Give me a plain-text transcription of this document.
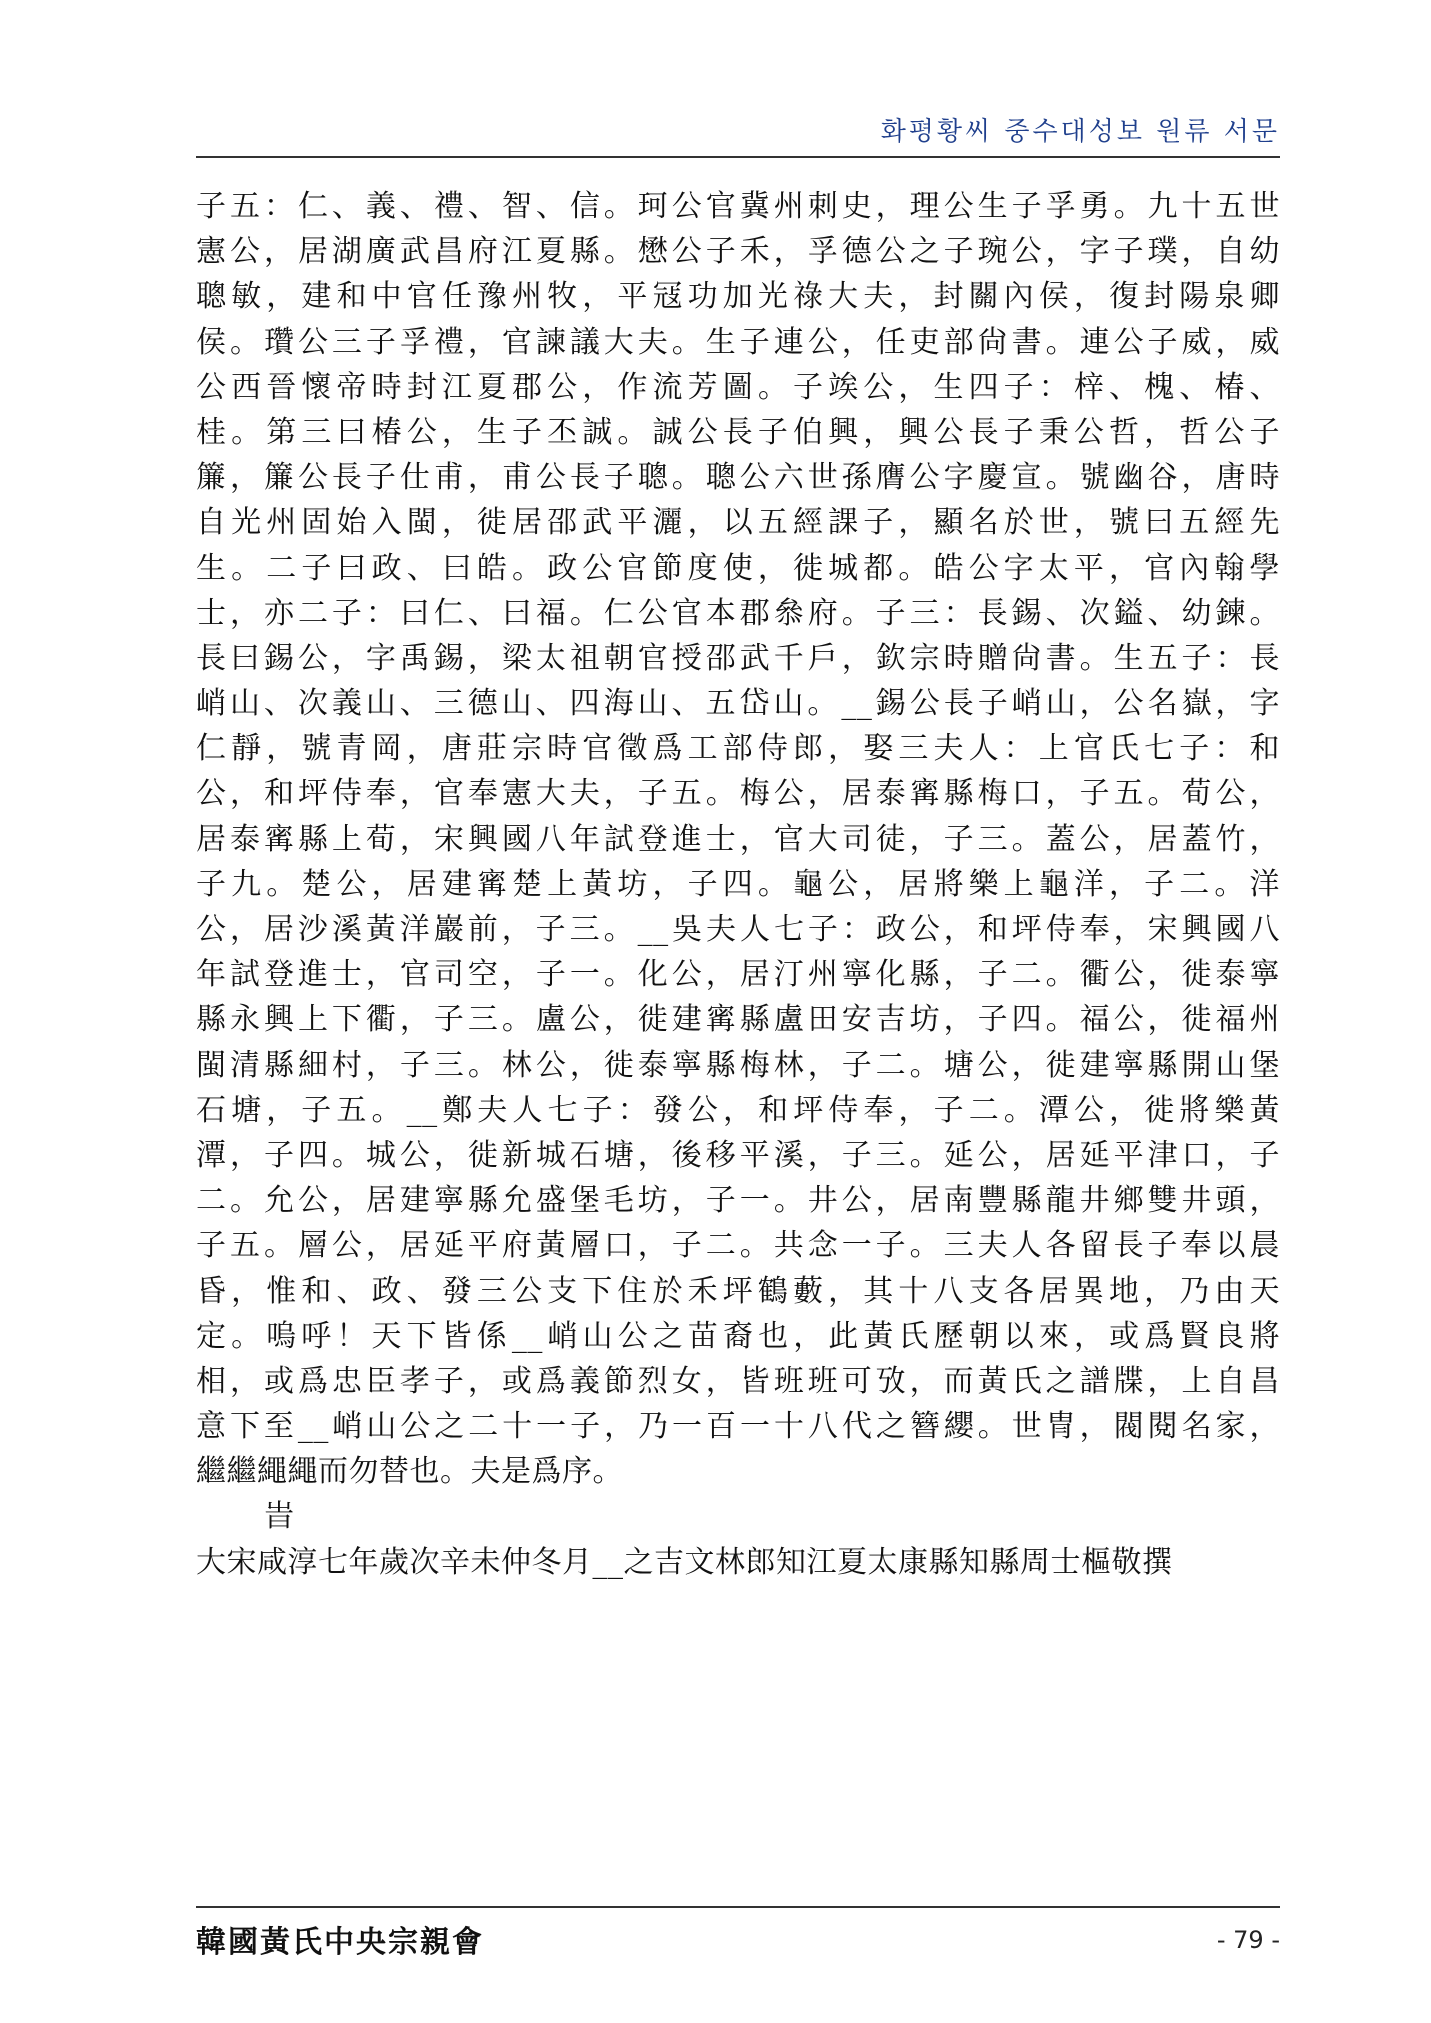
화평황씨 중수대성보 원류 서문
子五：仁、義、禮、智、信。珂公官冀州刺史，理公生子孚勇。九十五世
憲公，居湖廣武昌府江夏縣。懋公子禾，孚德公之子琬公，字子璞，自幼
聰敏，建和中官任豫州牧，平冦功加光祿大夫，封關內侯，復封陽泉卿
侯。瓚公三子孚禮，官諫議大夫。生子連公，任吏部尙書。連公子威，威
公西晉懷帝時封江夏郡公，作流芳圖。子竢公，生四子：梓、槐、椿、
桂。第三曰椿公，生子丕誠。誠公長子伯興，興公長子秉公哲，哲公子
簾，簾公長子仕甫，甫公長子聰。聰公六世孫膺公字慶宣。號幽谷，唐時
自光州固始入閩，徙居邵武平灑，以五經課子，顯名於世，號曰五經先
生。二子曰政、曰皓。政公官節度使，徙城都。皓公字太平，官內翰學
士，亦二子：曰仁、曰福。仁公官本郡叅府。子三：長錫、次鎰、幼鍊。
長曰錫公，字禹錫，梁太祖朝官授邵武千戶，欽宗時贈尙書。生五子：長
峭山、次義山、三德山、四海山、五岱山。__錫公長子峭山，公名嶽，字
仁靜，號青岡，唐莊宗時官徵爲工部侍郎，娶三夫人：上官氏七子：和
公，和坪侍奉，官奉憲大夫，子五。梅公，居泰寗縣梅口，子五。荀公，
居泰寗縣上荀，宋興國八年試登進士，官大司徒，子三。蓋公，居蓋竹，
子九。楚公，居建寗楚上黃坊，子四。龜公，居將樂上龜洋，子二。洋
公，居沙溪黃洋巖前，子三。__吳夫人七子：政公，和坪侍奉，宋興國八
年試登進士，官司空，子一。化公，居汀州寧化縣，子二。衢公，徙泰寧
縣永興上下衢，子三。盧公，徙建寗縣盧田安吉坊，子四。福公，徙福州
閩清縣細村，子三。林公，徙泰寧縣梅林，子二。塘公，徙建寧縣開山堡
石塘，子五。__鄭夫人七子：發公，和坪侍奉，子二。潭公，徙將樂黃
潭，子四。城公，徙新城石塘，後移平溪，子三。延公，居延平津口，子
二。允公，居建寧縣允盛堡毛坊，子一。井公，居南豐縣龍井鄉雙井頭，
子五。層公，居延平府黃層口，子二。共念一子。三夫人各留長子奉以晨
昏，惟和、政、發三公支下住於禾坪鶴藪，其十八支各居異地，乃由天
定。嗚呼！天下皆係__峭山公之苗裔也，此黃氏歷朝以來，或爲賢良將
相，或爲忠臣孝子，或爲義節烈女，皆班班可攷，而黃氏之譜牒，上自昌
意下至__峭山公之二十一子，乃一百一十八代之簪纓。世冑，閥閱名家，
繼繼繩繩而勿替也。夫是爲序。
旹
大宋咸淳七年歲次辛未仲冬月__之吉文林郎知江夏太康縣知縣周士樞敬撰
韓國黃氏中央宗親會	- 79 -
